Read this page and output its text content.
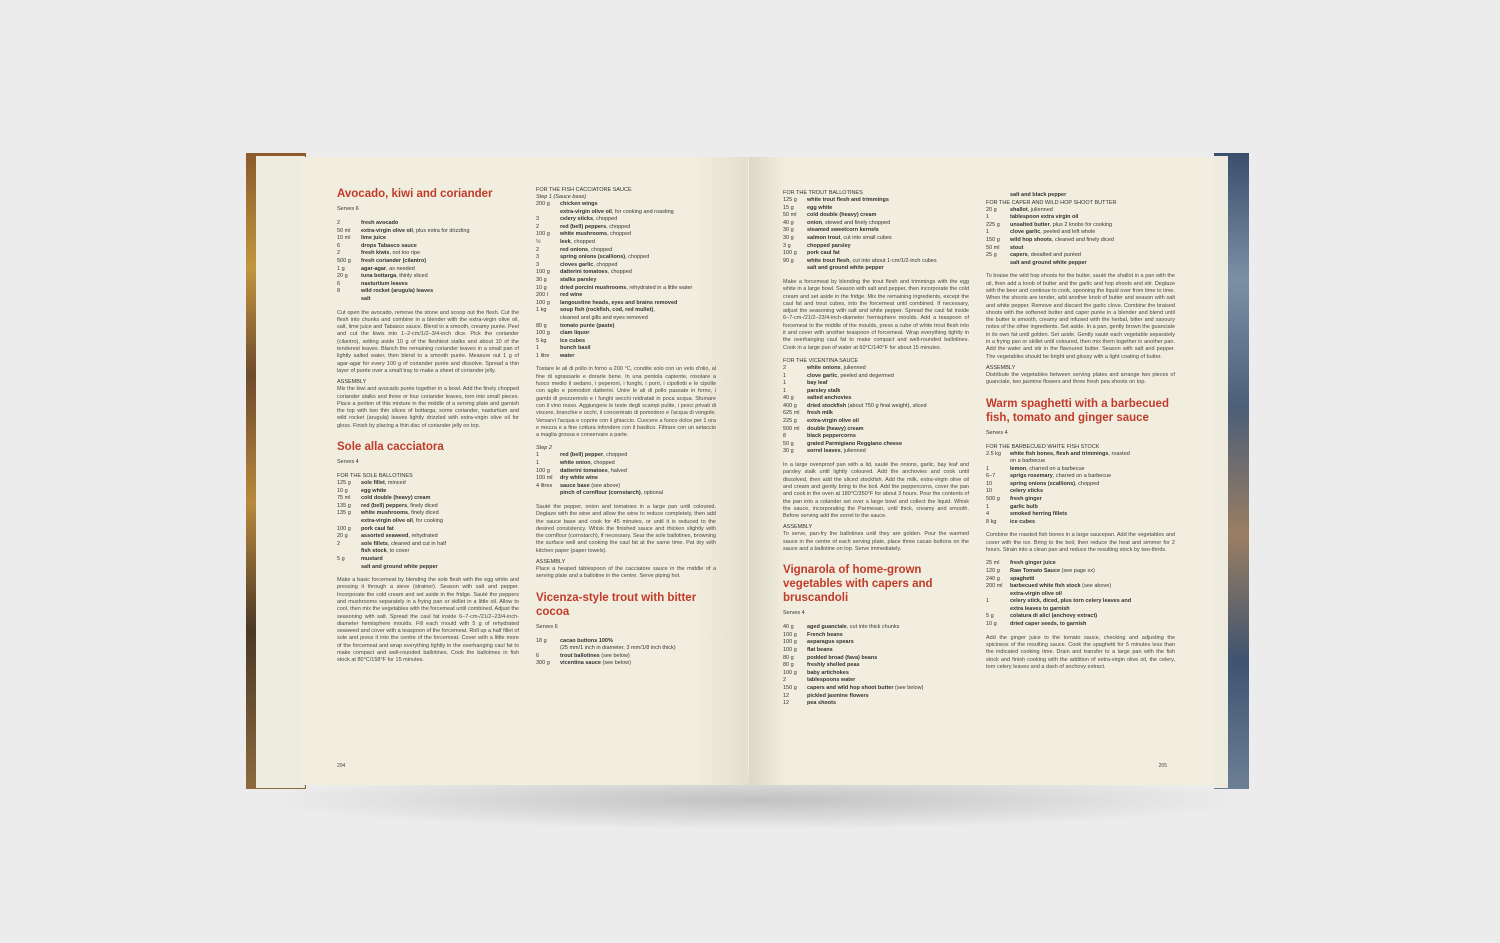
Avocado, kiwi and coriander
Serves 6
2	fresh avocado
50 ml	extra-virgin olive oil, plus extra for drizzling
10 ml	lime juice
6	drops Tabasco sauce
2	fresh kiwis, not too ripe
500 g	fresh coriander (cilantro)
1 g	agar-agar, as needed
20 g	tuna bottarga, thinly sliced
6	nasturtium leaves
8	wild rocket (arugula) leaves
salt
Cut open the avocado, remove the stone and scoop out the flesh. Cut the flesh into chunks and combine in a blender with the extra-virgin olive oil, salt, lime juice and Tabasco sauce. Blend to a smooth, creamy purée. Peel and cut the kiwis into 1–2-cm/1/2–3/4-inch dice. Pick the coriander (cilantro), setting aside 10 g of the fleshiest stalks and about 10 of the tenderest leaves. Blanch the remaining coriander leaves in a small pan of lightly salted water, then blend to a smooth purée. Measure out 1 g of agar-agar for every 100 g of coriander purée and dissolve. Spread a thin layer of purée over a small tray to make a sheet of coriander jelly.
ASSEMBLY
Mix the kiwi and avocado purée together in a bowl. Add the finely chopped coriander stalks and three or four coriander leaves, torn into small pieces. Place a portion of this mixture in the middle of a serving plate and garnish the top with two thin slices of bottarga, some coriander, nasturtium and wild rocket (arugula) leaves lightly drizzled with extra-virgin olive oil for gloss. Finish by placing a thin disc of coriander jelly on top.
Sole alla cacciatora
Serves 4
FOR THE SOLE BALLOTINES
125 g	sole fillet, minced
10 g	egg white
75 ml	cold double (heavy) cream
135 g	red (bell) peppers, finely diced
135 g	white mushrooms, finely diced
extra-virgin olive oil, for cooking
100 g	pork caul fat
20 g	assorted seaweed, rehydrated
2	sole fillets, cleaned and cut in half
fish stock, to cover
5 g	mustard
salt and ground white pepper
Make a basic forcemeat by blending the sole flesh with the egg white and pressing it through a sieve (strainer). Season with salt and pepper. Incorporate the cold cream and set aside in the fridge. Sauté the peppers and mushrooms separately in a frying pan or skillet in a little oil. Allow to cool, then mix the vegetables with the forcemeat until combined. Adjust the seasoning with salt. Spread the caul fat inside 6–7-cm-/21/2–23/4-inch-diameter hemisphere moulds. Fill each mould with 5 g of rehydrated seaweed and cover with a teaspoon of the forcemeat. Roll up a half fillet of sole and press it into the centre of the forcemeat. Cover with a little more of the forcemeat and wrap everything tightly in the overhanging caul fat to make compact and well-rounded ballotines. Cook the ballotines in fish stock at 80°C/158°F for 15 minutes.
FOR THE FISH CACCIATORE SAUCE
Step 1 (Sauce base)
200 g	chicken wings
extra-virgin olive oil, for cooking and roasting
3	celery sticks, chopped
2	red (bell) peppers, chopped
100 g	white mushrooms, chopped
½	leek, chopped
2	red onions, chopped
3	spring onions (scallions), chopped
3	cloves garlic, chopped
100 g	datterini tomatoes, chopped
30 g	stalks parsley
10 g	dried porcini mushrooms, rehydrated in a little water
200 l	red wine
100 g	langoustine heads, eyes and brains removed
1 kg	soup fish (rockfish, cod, red mullet),
cleaned and gills and eyes removed
80 g	tomato purée (paste)
100 g	clam liquor
5 kg	ice cubes
1	bunch basil
1 litre	water
Tostare le ali di pollo in forno a 200 °C, condite solo con un velo d'olio, al fine di sgrassarle e dorarle bene. In una pentola capiente, rosolare a fuoco medio il sedano, i peperoni, i funghi, i porri, i cipollotti e le cipolle con aglio e pomodori datterini. Unire le ali di pollo passate in forno, i gambi di prezzemolo e i funghi secchi reidratati in poca acqua. Sfumare con il vino rosso. Aggiungere le teste degli scampi pulite, i pesci privati di viscere, branchie e occhi, il concentrato di pomodoro e l'acqua di vongole. Versarvi l'acqua e coprire con il ghiaccio. Cuocere a fuoco dolce per 1 ora e mezza e a fine cottura infondere con il basilico. Filtrare con un setaccio a maglia grossa e conservare a parte.
Step 2
1	red (bell) pepper, chopped
1	white onion, chopped
100 g	datterini tomatoes, halved
100 ml	dry white wine
4 litres	sauce base (see above)
pinch of cornflour (cornstarch), optional
Sauté the pepper, onion and tomatoes in a large pan until coloured. Deglaze with the wine and allow the wine to reduce completely, then add the sauce base and cook for 45 minutes, or until it is reduced to the desired consistency. Whisk the finished sauce and thicken slightly with the cornflour (cornstarch), if necessary. Sear the sole ballotines, browning the surface well and cooking the caul fat at the same time. Pat dry with kitchen paper (paper towels).
ASSEMBLY
Place a heaped tablespoon of the cacciatore sauce in the middle of a serving plate and a ballotine in the centre. Serve piping hot.
Vicenza-style trout with bitter cocoa
Serves 6
18 g	cacao buttons 100%
(25 mm/1 inch in diameter, 3 mm/1/8 inch thick)
6	trout ballotines (see below)
300 g	vicentina sauce (see below)
204
FOR THE TROUT BALLOTINES
125 g	white trout flesh and trimmings
15 g	egg white
50 ml	cold double (heavy) cream
40 g	onion, stewed and finely chopped
30 g	steamed sweetcorn kernels
30 g	salmon trout, cut into small cubes
3 g	chopped parsley
100 g	pork caul fat
90 g	white trout flesh, cut into about 1-cm/1/2-inch cubes
salt and ground white pepper
Make a forcemeat by blending the trout flesh and trimmings with the egg white in a large bowl. Season with salt and pepper, then incorporate the cold cream and set aside in the fridge. Mix the remaining ingredients, except the caul fat and trout cubes, into the forcemeat until combined. If necessary, adjust the seasoning with salt and white pepper. Spread the caul fat inside 6–7-cm-/21/2–23/4-inch-diameter hemisphere moulds. Add a teaspoon of forcemeat to the middle of the moulds, press a cube of white trout flesh into it and cover with another teaspoon of forcemeat. Wrap everything tightly in the overhanging caul fat to make compact and well-rounded ballotines. Cook in a large pan of water at 60°C/140°F for about 15 minutes.
FOR THE VICENTINA SAUCE
2	white onions, julienned
1	clove garlic, peeled and degermed
1	bay leaf
1	parsley stalk
40 g	salted anchovies
400 g	dried stockfish (about 750 g final weight), sliced
625 ml	fresh milk
225 g	extra-virgin olive oil
500 ml	double (heavy) cream
8	black peppercorns
50 g	grated Parmigiano Reggiano cheese
30 g	sorrel leaves, julienned
In a large ovenproof pan with a lid, sauté the onions, garlic, bay leaf and parsley stalk until lightly coloured. Add the anchovies and cook until dissolved, then add the sliced stockfish. Add the milk, extra-virgin olive oil and cream and gently bring to the boil. Add the peppercorns, cover the pan and cook in the oven at 180°C/350°F for about 3 hours. Pour the contents of the pan into a colander set over a large bowl and collect the liquid. Whisk the sauce, incorporating the Parmesan, until thick, creamy and smooth. Before serving add the sorrel to the sauce.
ASSEMBLY
To serve, pan-fry the ballotines until they are golden. Pour the warmed sauce in the centre of each serving plate, place three cacao buttons on the sauce and a ballotine on top. Serve immediately.
Vignarola of home-grown vegetables with capers and bruscandoli
Serves 4
40 g	aged guanciale, cut into thick chunks
100 g	French beans
100 g	asparagus spears
100 g	flat beans
80 g	podded broad (fava) beans
80 g	freshly shelled peas
100 g	baby artichokes
2	tablespoons water
150 g	capers and wild hop shoot butter (see below)
12	pickled jasmine flowers
12	pea shoots
salt and black pepper
FOR THE CAPER AND WILD HOP SHOOT BUTTER
20 g	shallot, julienned
1	tablespoon extra virgin oil
225 g	unsalted butter, plus 2 knobs for cooking
1	clove garlic, peeled and left whole
150 g	wild hop shoots, cleaned and finely diced
50 ml	stout
25 g	capers, desalted and puréed
salt and ground white pepper
To braise the wild hop shoots for the butter, sauté the shallot in a pan with the oil, then add a knob of butter and the garlic and hop shoots and stir. Deglaze with the beer and continue to cook, spooning the liquid over from time to time. When the shoots are tender, add another knob of butter and season with salt and white pepper. Remove and discard the garlic clove. Combine the braised shoots with the softened butter and caper purée in a blender and blend until the butter is smooth, creamy and infused with the herbal, bitter and savoury notes of the other ingredients. Set aside. In a pan, gently brown the guanciale in its own fat until golden. Set aside. Gently sauté each vegetable separately in a frying pan or skillet until coloured, then mix them together in another pan. Add the water and stir in the flavoured butter. Season with salt and pepper. The vegetables should be bright and glossy with a light coating of butter.
ASSEMBLY
Distribute the vegetables between serving plates and arrange two pieces of guanciale, two jasmine flowers and three fresh pea shoots on top.
Warm spaghetti with a barbecued fish, tomato and ginger sauce
Serves 4
FOR THE BARBECUED WHITE FISH STOCK
2.5 kg	white fish bones, flesh and trimmings, roasted
on a barbecue
1	lemon, charred on a barbecue
6–7	sprigs rosemary, charred on a barbecue
10	spring onions (scallions), chopped
10	celery sticks
500 g	fresh ginger
1	garlic bulb
4	smoked herring fillets
8 kg	ice cubes
Combine the roasted fish bones in a large saucepan. Add the vegetables and cover with the ice. Bring to the boil, then reduce the heat and simmer for 2 hours. Strain into a clean pan and reduce the resulting stock by two-thirds.
25 ml	fresh ginger juice
120 g	Raw Tomato Sauce (see page xx)
240 g	spaghetti
200 ml	barbecued white fish stock (see above)
extra-virgin olive oil
1	celery stick, diced, plus torn celery leaves and
extra leaves to garnish
5 g	colatura di alici (anchovy extract)
10 g	dried caper seeds, to garnish
Add the ginger juice to the tomato sauce, checking and adjusting the spiciness of the resulting sauce. Cook the spaghetti for 5 minutes less than the indicated cooking time. Drain and transfer to a large pan with the fish stock and finish cooking with the addition of extra-virgin olive oil, the celery, torn celery leaves and a dash of anchovy extract.
205
